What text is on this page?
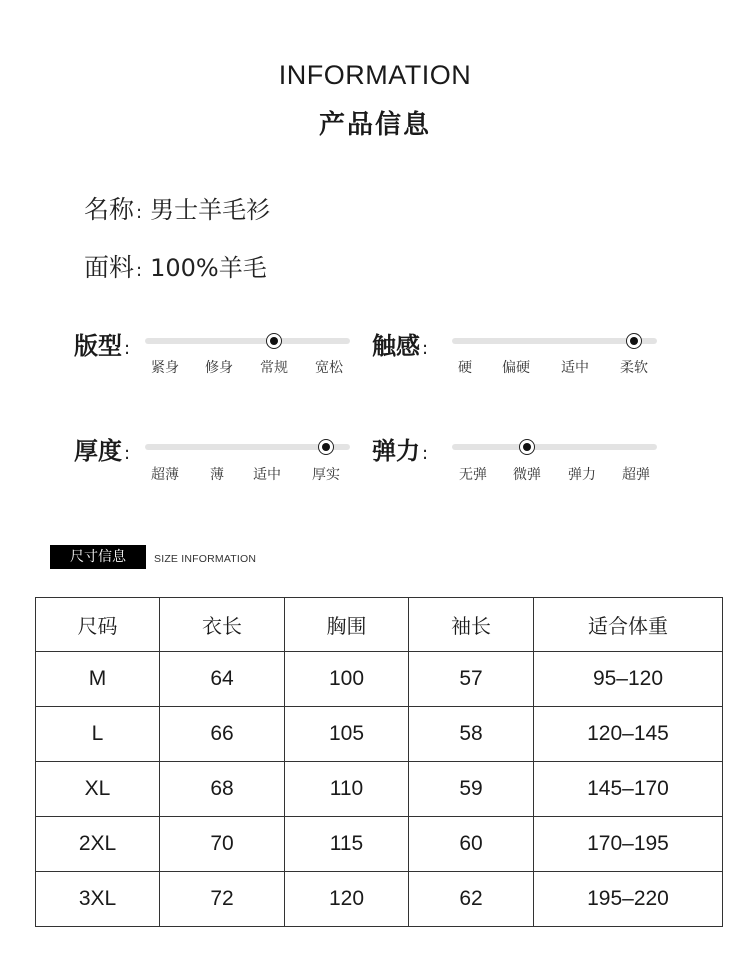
INFORMATION
产品信息
名称 : 男士羊毛衫
面料 : 100%羊毛
版型 :
紧身 修身 常规 宽松
触感 :
硬 偏硬 适中 柔软
厚度 :
超薄 薄 适中 厚实
弹力 :
无弹 微弹 弹力 超弹
尺寸信息	SIZE INFORMATION
尺码	衣长	胸围	袖长	适合体重
M	64	100	57	95–120
L	66	105	58	120–145
XL	68	110	59	145–170
2XL	70	115	60	170–195
3XL	72	120	62	195–220
